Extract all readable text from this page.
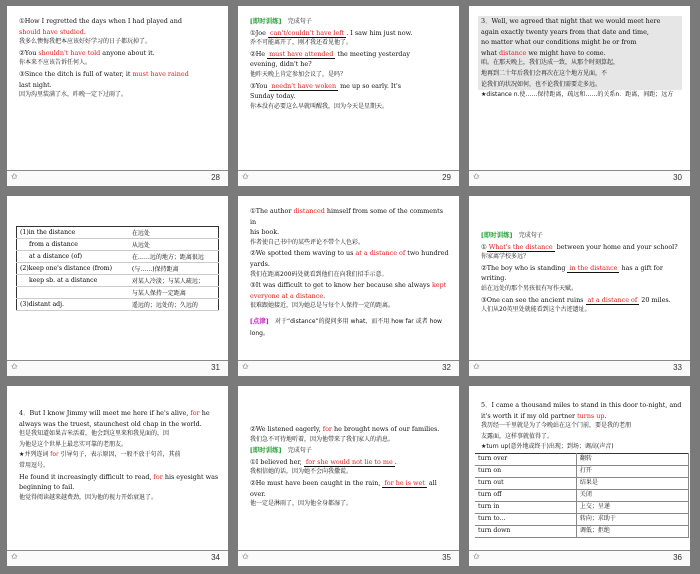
①How I regretted the days when I had played and

should have studied.

我多么懊悔我把本应该好好学习的日子都玩掉了。

②You shouldn't have told anyone about it.

你本来不应该告诉任何人。

③Since the ditch is full of water, it must have rained

last night.

因为沟里装满了水，昨晚一定下过雨了。

✩	28

[即时训练]　 完成句子

①Joe can't/couldn't have left . I saw him just now.

乔不可能离开了，刚才我还看见他了。

②He must have attended the meeting yesterday

evening, didn't he?

他昨天晚上肯定参加会议了，是吗？

③You needn't have woken me up so early. It's

Sunday today.

你本没有必要这么早就叫醒我，因为今天是星期天。

✩	29

3．Well, we agreed that night that we would meet here

again exactly twenty years from that date and time,

no matter what our conditions might be or from

what distance we might have to come.

咱。在那天晚上，我们达成一致，从那个时刻算起，

地再到二十年后我们会再次在这个地方见面，不

论我们的状况如何，也不论我们需要走多远。

★distance n.使……保持距离，疏远和……的关系n．距离，间距；远方

✩	30
(1)in the distance	在远处
from a distance	从远处
at a distance (of)	在……远的地方；距离很远
(2)keep one's distance (from)	(与……)保持距离
keep sb. at a distance	对某人冷淡；与某人疏远；
	与某人保持一定距离
(3)distant adj.	遥远的；远处的；久远的
✩	31

①The author distanced himself from some of the comments in

his book.

作者使自己书中的某些评论不带个人色彩。

②We spotted them waving to us at a distance of two hundred

yards.

我们在距离200码处就看到他们在向我们招手示意。

③It was difficult to get to know her because she always kept

everyone at a distance.

很难跟她接近，因为她总是与每个人保持一定的距离。

[点津]　 对于“distance”的提问多用 what，而不用 how far 或者 how long。

✩	32

[即时训练]　 完成句子

① What's the distance between your home and your school?

你家离学校多远？

②The boy who is standing in the distance has a gift for

writing.

站在远处的那个男孩很有写作天赋。

③One can see the ancient ruins at a distance of 20 miles.

人们从20英里处就能看到这个古迹遗址。

✩	33

4．But I know Jimmy will meet me here if he's alive, for he

always was the truest, staunchest old chap in the world.

但是我知道如果吉米活着，他会到这里来和我见面的，因

为他是这个世界上最忠实可靠的老朋友。

★并列连词 for 引导句子，表示原因，一般不放于句首，其前

常用逗号。

He found it increasingly difficult to read, for his eyesight was

beginning to fail.

他觉得阅读越来越费劲，因为他的视力开始衰退了。

✩	34

②We listened eagerly, for he brought news of our families.

我们急不可待地听着，因为他带来了我们家人的消息。

[即时训练]　 完成句子

①I believed her, for she would not lie to me .

我相信她的话，因为她不会向我撒谎。

②He must have been caught in the rain, for he is wet all over.

他一定是淋雨了，因为他全身都湿了。

✩	35

5．I came a thousand miles to stand in this door to-night, and

it's worth it if my old partner turns up.

我历经一千里就是为了今晚站在这个门前，要是我的老朋

友露面，这样事就值得了。

★turn up(意外地或终于)出现；到场；调高(声音)

turn over	翻转
turn on	打开
turn out	结果是
turn off	关闭
turn in	上交；呈递
turn to...	转向；求助于
turn down	调低；拒绝
✩	36
